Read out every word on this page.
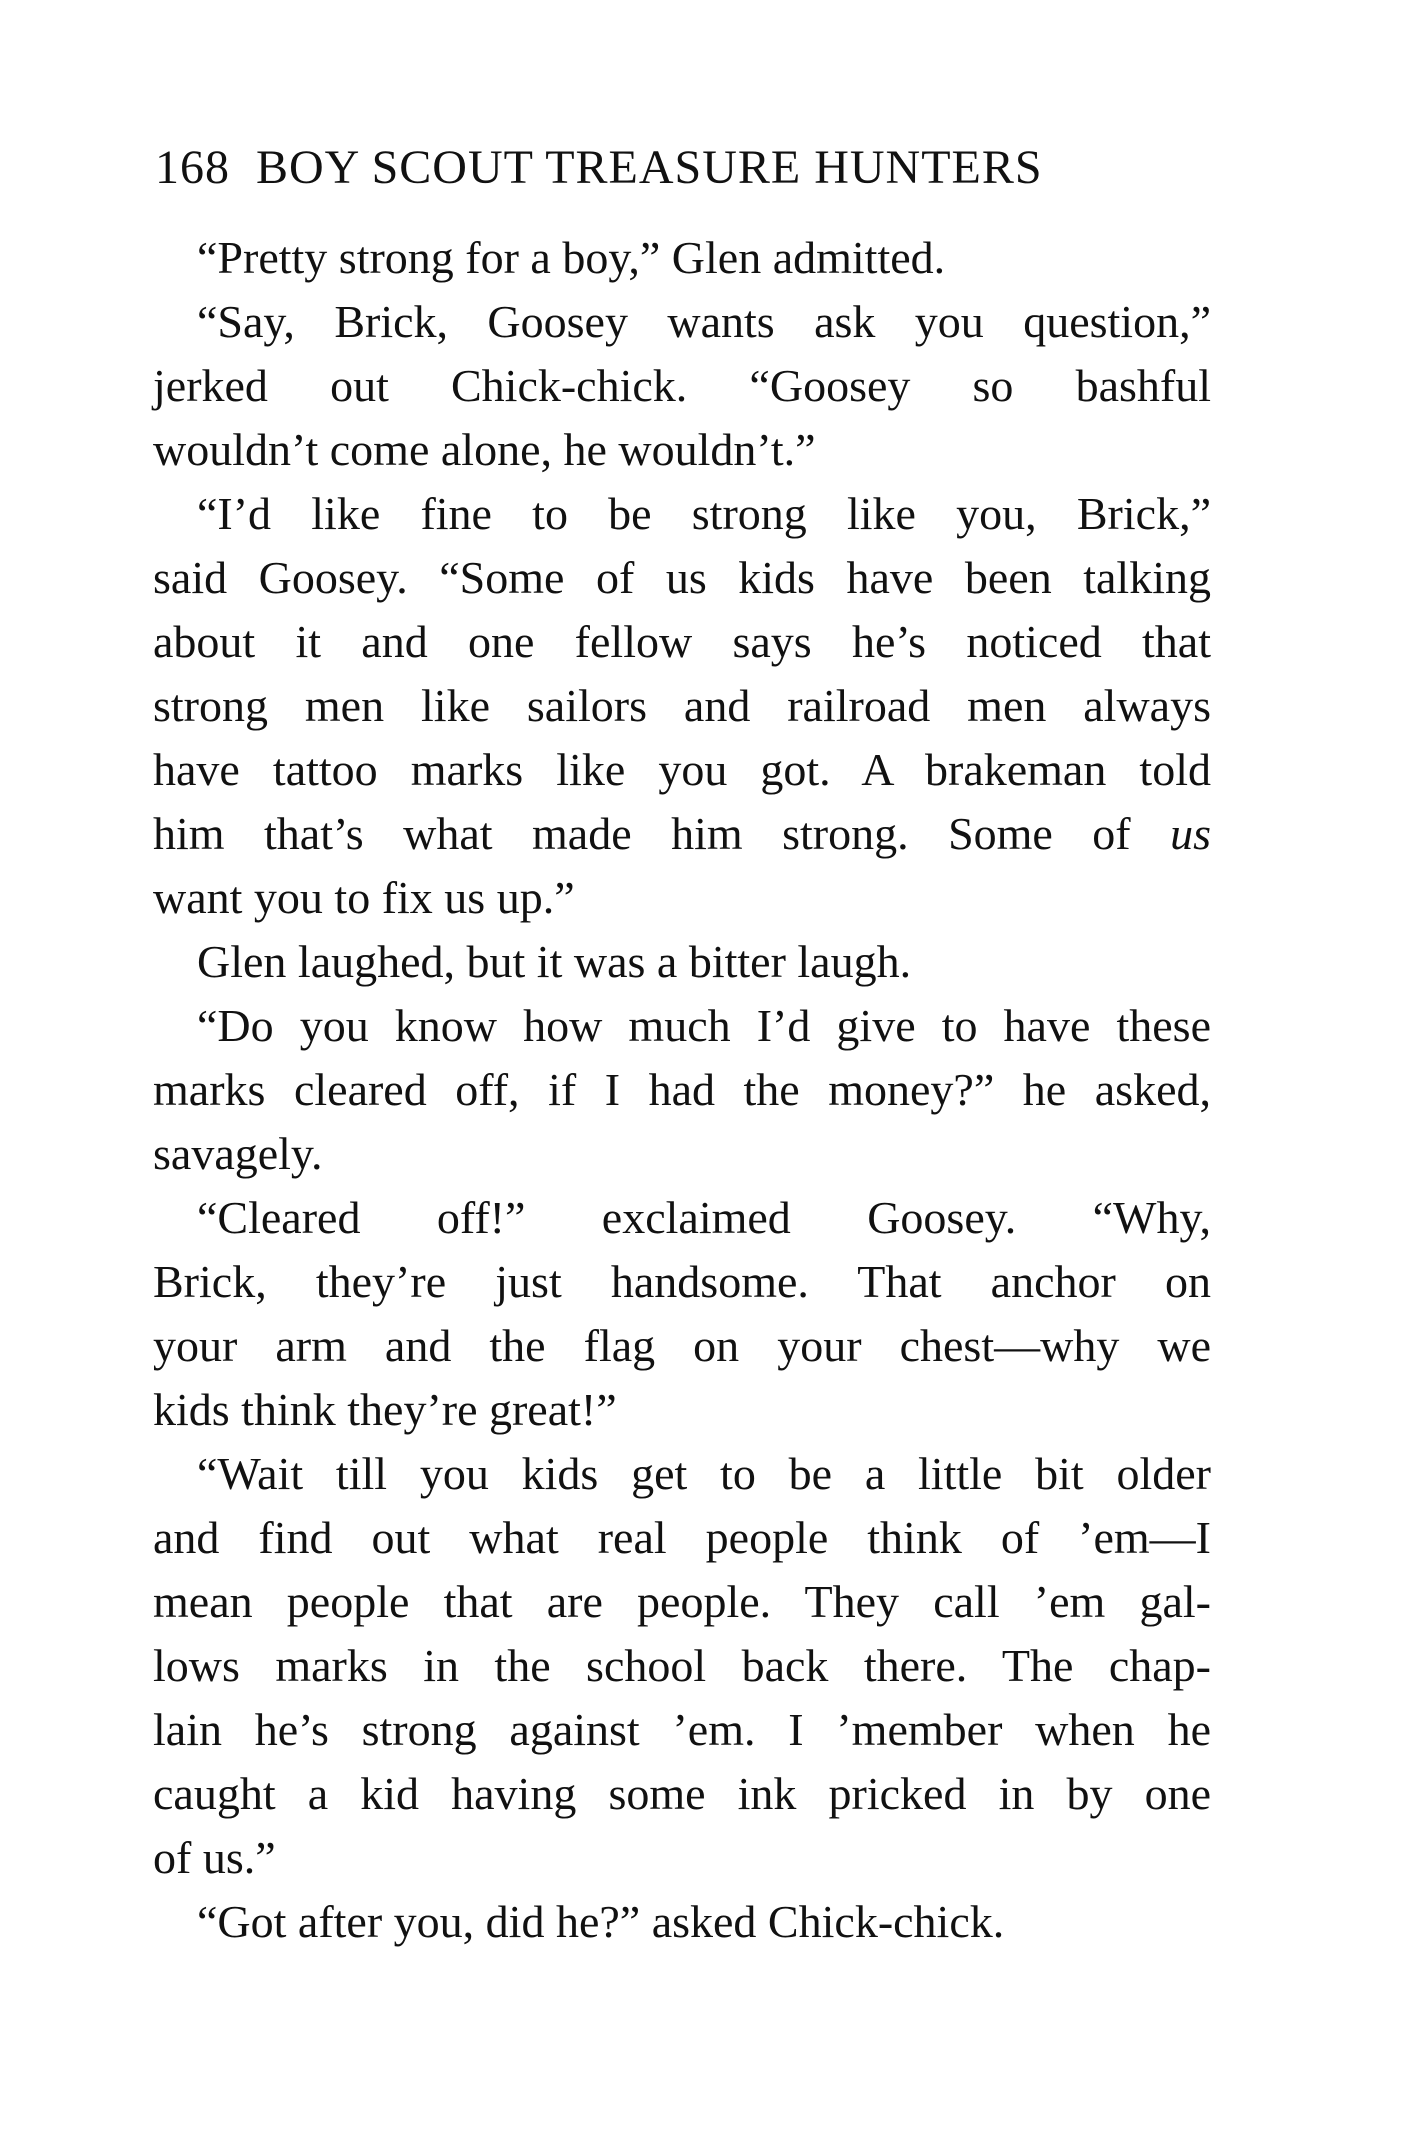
168 BOY SCOUT TREASURE HUNTERS
“Pretty strong for a boy,” Glen admitted.
“Say, Brick, Goosey wants ask you question,”
jerked out Chick-chick. “Goosey so bashful
wouldn’t come alone, he wouldn’t.”
“I’d like fine to be strong like you, Brick,”
said Goosey. “Some of us kids have been talking
about it and one fellow says he’s noticed that
strong men like sailors and railroad men always
have tattoo marks like you got. A brakeman told
him that’s what made him strong. Some of us
want you to fix us up.”
Glen laughed, but it was a bitter laugh.
“Do you know how much I’d give to have these
marks cleared off, if I had the money?” he asked,
savagely.
“Cleared off!” exclaimed Goosey. “Why,
Brick, they’re just handsome. That anchor on
your arm and the flag on your chest—why we
kids think they’re great!”
“Wait till you kids get to be a little bit older
and find out what real people think of ’em—I
mean people that are people. They call ’em gal-
lows marks in the school back there. The chap-
lain he’s strong against ’em. I ’member when he
caught a kid having some ink pricked in by one
of us.”
“Got after you, did he?” asked Chick-chick.
